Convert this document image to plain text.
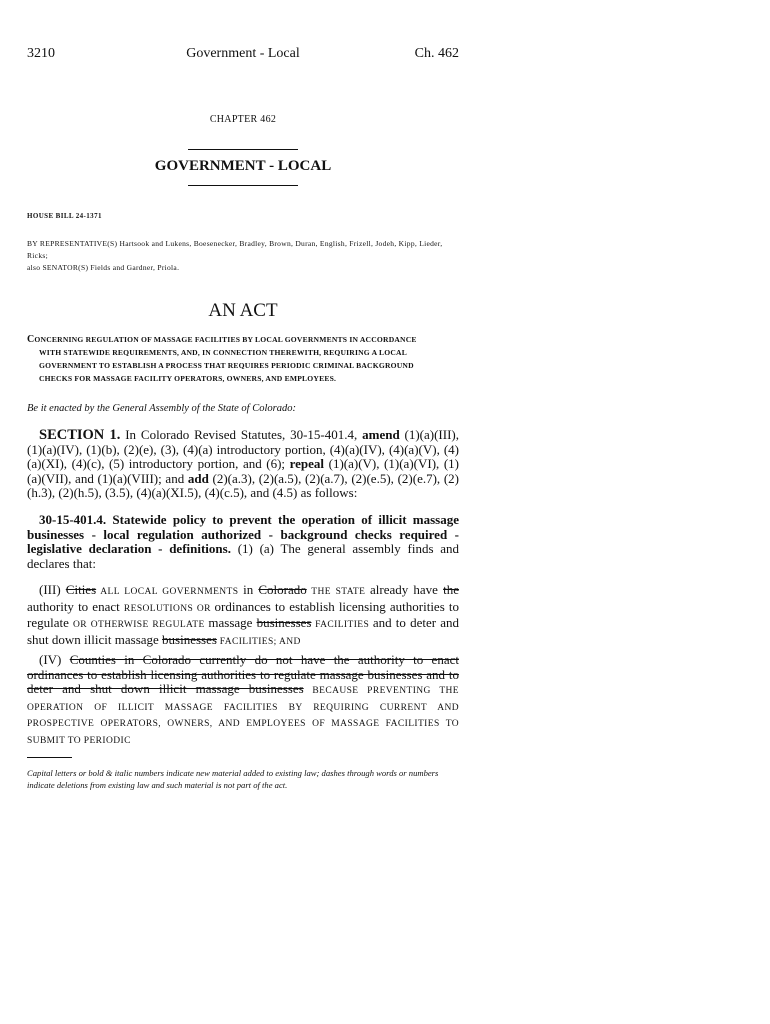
Government - Local
3210	Ch. 462
CHAPTER 462
GOVERNMENT - LOCAL
HOUSE BILL 24-1371
BY REPRESENTATIVE(S) Hartsook and Lukens, Boesenecker, Bradley, Brown, Duran, English, Frizell, Jodeh, Kipp, Lieder,
Ricks;
also SENATOR(S) Fields and Gardner, Priola.
AN ACT
CONCERNING REGULATION OF MASSAGE FACILITIES BY LOCAL GOVERNMENTS IN ACCORDANCE
WITH STATEWIDE REQUIREMENTS, AND, IN CONNECTION THEREWITH, REQUIRING A LOCAL
GOVERNMENT TO ESTABLISH A PROCESS THAT REQUIRES PERIODIC CRIMINAL BACKGROUND
CHECKS FOR MASSAGE FACILITY OPERATORS, OWNERS, AND EMPLOYEES.
Be it enacted by the General Assembly of the State of Colorado:
SECTION 1. In Colorado Revised Statutes, 30-15-401.4, amend (1)(a)(III), (1)(a)(IV), (1)(b), (2)(e), (3), (4)(a) introductory portion, (4)(a)(IV), (4)(a)(V), (4)(a)(XI), (4)(c), (5) introductory portion, and (6); repeal (1)(a)(V), (1)(a)(VI), (1)(a)(VII), and (1)(a)(VIII); and add (2)(a.3), (2)(a.5), (2)(a.7), (2)(e.5), (2)(e.7), (2)(h.3), (2)(h.5), (3.5), (4)(a)(XI.5), (4)(c.5), and (4.5) as follows:
30-15-401.4. Statewide policy to prevent the operation of illicit massage businesses - local regulation authorized - background checks required - legislative declaration - definitions. (1) (a) The general assembly finds and declares that:
(III) Cities ALL LOCAL GOVERNMENTS in Colorado THE STATE already have the authority to enact RESOLUTIONS OR ordinances to establish licensing authorities to regulate OR OTHERWISE REGULATE massage businesses FACILITIES and to deter and shut down illicit massage businesses FACILITIES; AND
(IV) Counties in Colorado currently do not have the authority to enact ordinances to establish licensing authorities to regulate massage businesses and to deter and shut down illicit massage businesses BECAUSE PREVENTING THE OPERATION OF ILLICIT MASSAGE FACILITIES BY REQUIRING CURRENT AND PROSPECTIVE OPERATORS, OWNERS, AND EMPLOYEES OF MASSAGE FACILITIES TO SUBMIT TO PERIODIC
Capital letters or bold & italic numbers indicate new material added to existing law; dashes through words or numbers indicate deletions from existing law and such material is not part of the act.
